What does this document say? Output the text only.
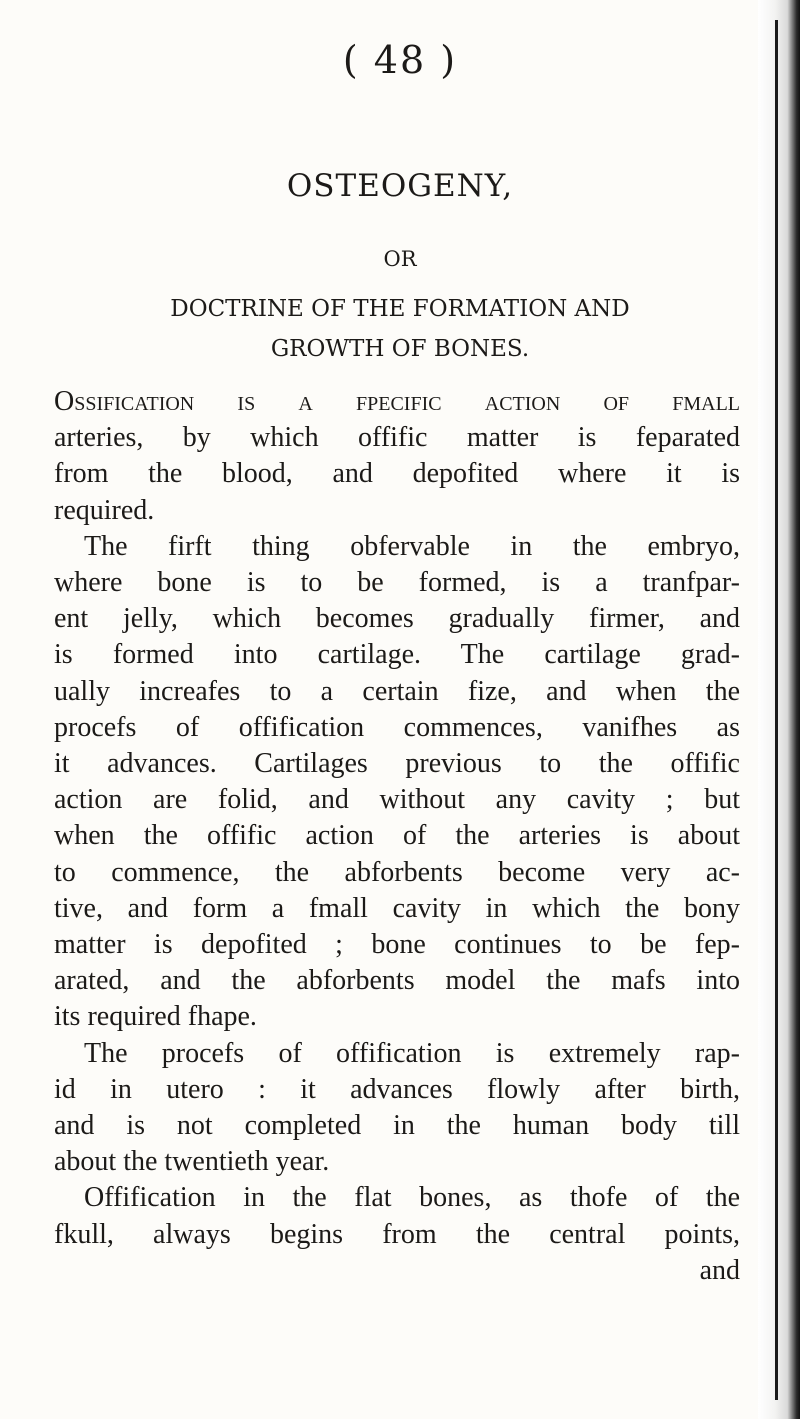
( 48 )
OSTEOGENY,
OR
DOCTRINE OF THE FORMATION AND
GROWTH OF BONES.
Ossification is a fpecific action of fmall
arteries, by which offific matter is feparated
from the blood, and depofited where it is
required.
The firft thing obfervable in the embryo,
where bone is to be formed, is a tranfpar-
ent jelly, which becomes gradually firmer, and
is formed into cartilage. The cartilage grad-
ually increafes to a certain fize, and when the
procefs of offification commences, vanifhes as
it advances. Cartilages previous to the offific
action are folid, and without any cavity ; but
when the offific action of the arteries is about
to commence, the abforbents become very ac-
tive, and form a fmall cavity in which the bony
matter is depofited ; bone continues to be fep-
arated, and the abforbents model the mafs into
its required fhape.
The procefs of offification is extremely rap-
id in utero : it advances flowly after birth,
and is not completed in the human body till
about the twentieth year.
Offification in the flat bones, as thofe of the
fkull, always begins from the central points,
and
